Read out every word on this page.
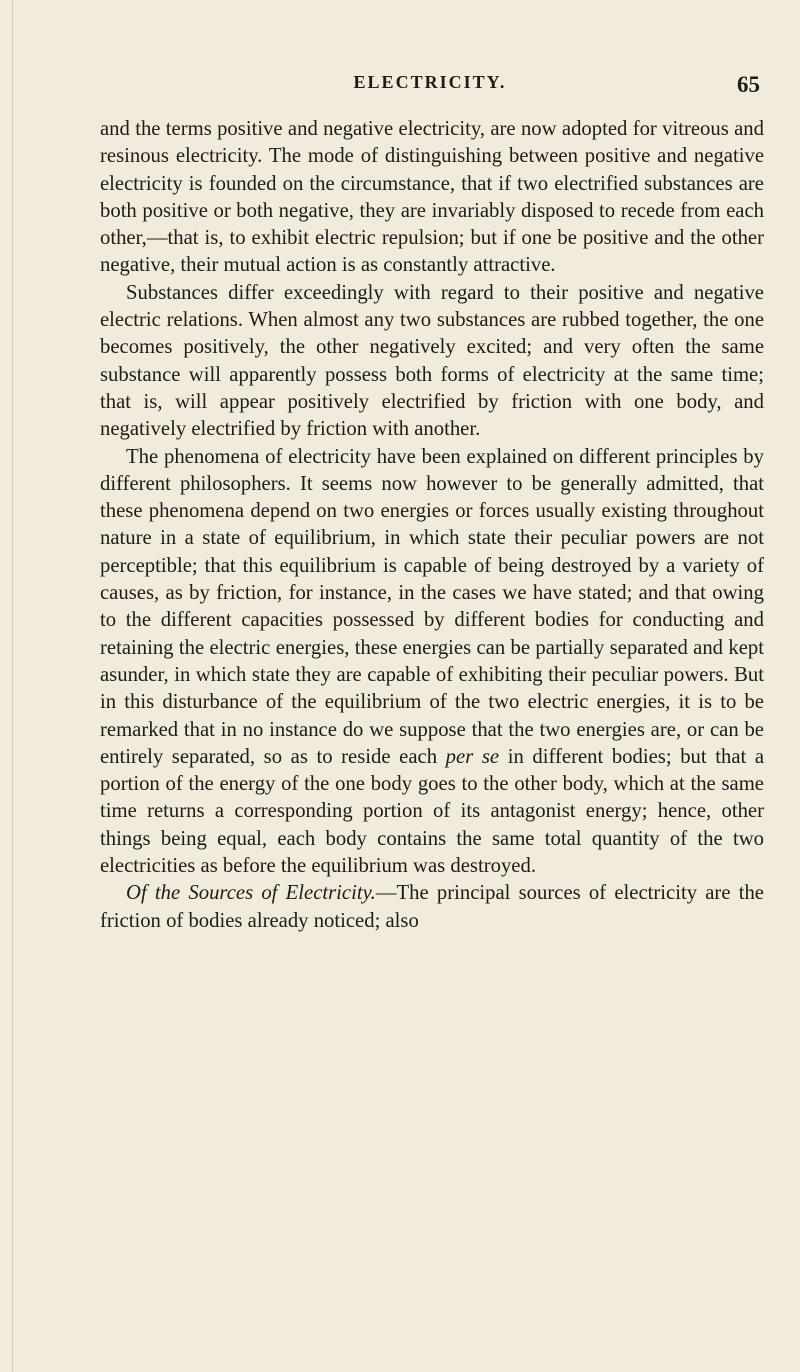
ELECTRICITY.	65

and the terms positive and negative electricity, are now adopted for vitreous and resinous electricity. The mode of distinguishing between positive and negative electricity is founded on the circumstance, that if two electrified substances are both positive or both negative, they are invariably disposed to recede from each other,—that is, to exhibit electric repulsion; but if one be positive and the other negative, their mutual action is as constantly attractive.

Substances differ exceedingly with regard to their positive and negative electric relations. When almost any two substances are rubbed together, the one becomes positively, the other negatively excited; and very often the same substance will apparently possess both forms of electricity at the same time; that is, will appear positively electrified by friction with one body, and negatively electrified by friction with another.

The phenomena of electricity have been explained on different principles by different philosophers. It seems now however to be generally admitted, that these phenomena depend on two energies or forces usually existing throughout nature in a state of equilibrium, in which state their peculiar powers are not perceptible; that this equilibrium is capable of being destroyed by a variety of causes, as by friction, for instance, in the cases we have stated; and that owing to the different capacities possessed by different bodies for conducting and retaining the electric energies, these energies can be partially separated and kept asunder, in which state they are capable of exhibiting their peculiar powers. But in this disturbance of the equilibrium of the two electric energies, it is to be remarked that in no instance do we suppose that the two energies are, or can be entirely separated, so as to reside each per se in different bodies; but that a portion of the energy of the one body goes to the other body, which at the same time returns a corresponding portion of its antagonist energy; hence, other things being equal, each body contains the same total quantity of the two electricities as before the equilibrium was destroyed.

Of the Sources of Electricity.—The principal sources of electricity are the friction of bodies already noticed; also
